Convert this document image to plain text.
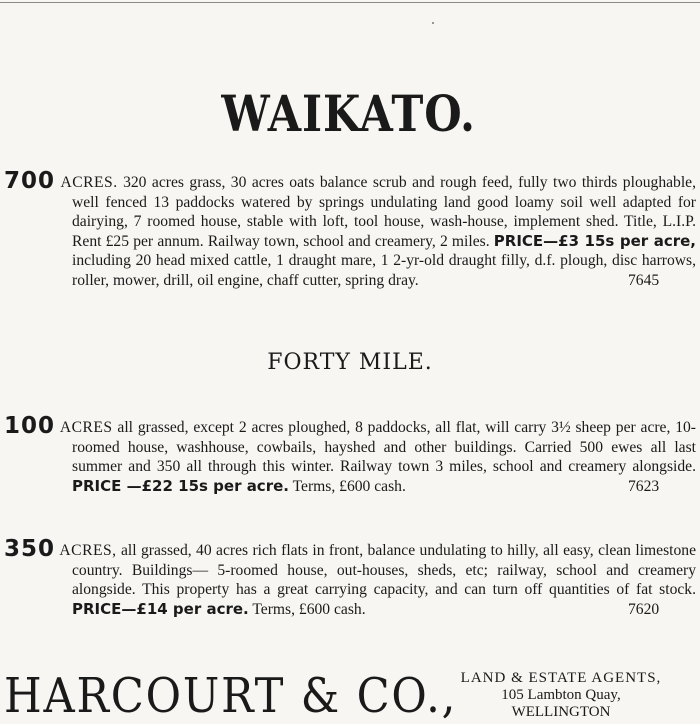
WAIKATO.
700 ACRES. 320 acres grass, 30 acres oats balance scrub and rough feed, fully two thirds ploughable, well fenced 13 paddocks watered by springs undulating land good loamy soil well adapted for dairying, 7 roomed house, stable with loft, tool house, wash-house, implement shed. Title, L.I.P. Rent £25 per annum. Railway town, school and creamery, 2 miles. PRICE—£3 15s per acre, including 20 head mixed cattle, 1 draught mare, 1 2-yr-old draught filly, d.f. plough, disc harrows, roller, mower, drill, oil engine, chaff cutter, spring dray.	7645
FORTY MILE.
100 ACRES all grassed, except 2 acres ploughed, 8 paddocks, all flat, will carry 3½ sheep per acre, 10-roomed house, washhouse, cowbails, hayshed and other buildings. Carried 500 ewes all last summer and 350 all through this winter. Railway town 3 miles, school and creamery alongside. PRICE —£22 15s per acre. Terms, £600 cash.	7623
350 ACRES, all grassed, 40 acres rich flats in front, balance undulating to hilly, all easy, clean limestone country. Buildings— 5-roomed house, out-houses, sheds, etc; railway, school and creamery alongside. This property has a great carrying capacity, and can turn off quantities of fat stock. PRICE—£14 per acre. Terms, £600 cash.	7620
HARCOURT & CO., LAND & ESTATE AGENTS,
105 Lambton Quay,
WELLINGTON
